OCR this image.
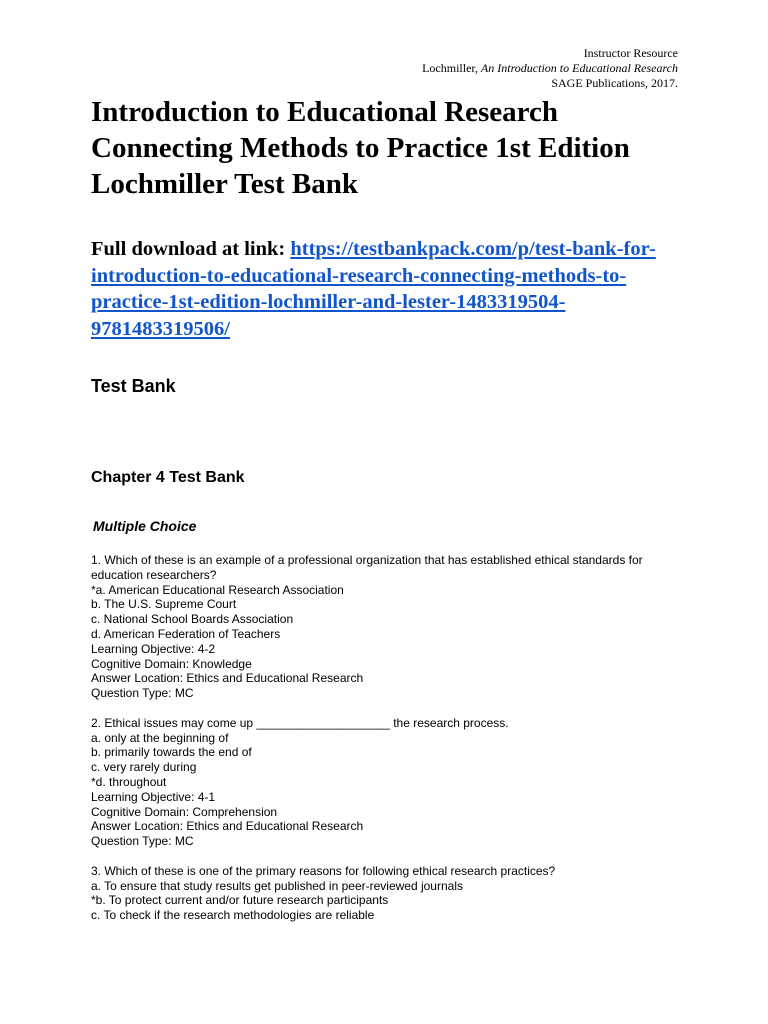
Instructor Resource
Lochmiller, An Introduction to Educational Research
SAGE Publications, 2017.
Introduction to Educational Research
Connecting Methods to Practice 1st Edition
Lochmiller Test Bank

Full download at link: https://testbankpack.com/p/test-bank-for-
introduction-to-educational-research-connecting-methods-to-
practice-1st-edition-lochmiller-and-lester-1483319504-
9781483319506/

Test Bank
Chapter 4 Test Bank
Multiple Choice
1. Which of these is an example of a professional organization that has established ethical standards for
education researchers?
*a. American Educational Research Association
b. The U.S. Supreme Court
c. National School Boards Association
d. American Federation of Teachers
Learning Objective: 4-2
Cognitive Domain: Knowledge
Answer Location: Ethics and Educational Research
Question Type: MC
2. Ethical issues may come up ____________________ the research process.
a. only at the beginning of
b. primarily towards the end of
c. very rarely during
*d. throughout
Learning Objective: 4-1
Cognitive Domain: Comprehension
Answer Location: Ethics and Educational Research
Question Type: MC
3. Which of these is one of the primary reasons for following ethical research practices?
a. To ensure that study results get published in peer-reviewed journals
*b. To protect current and/or future research participants
c. To check if the research methodologies are reliable
